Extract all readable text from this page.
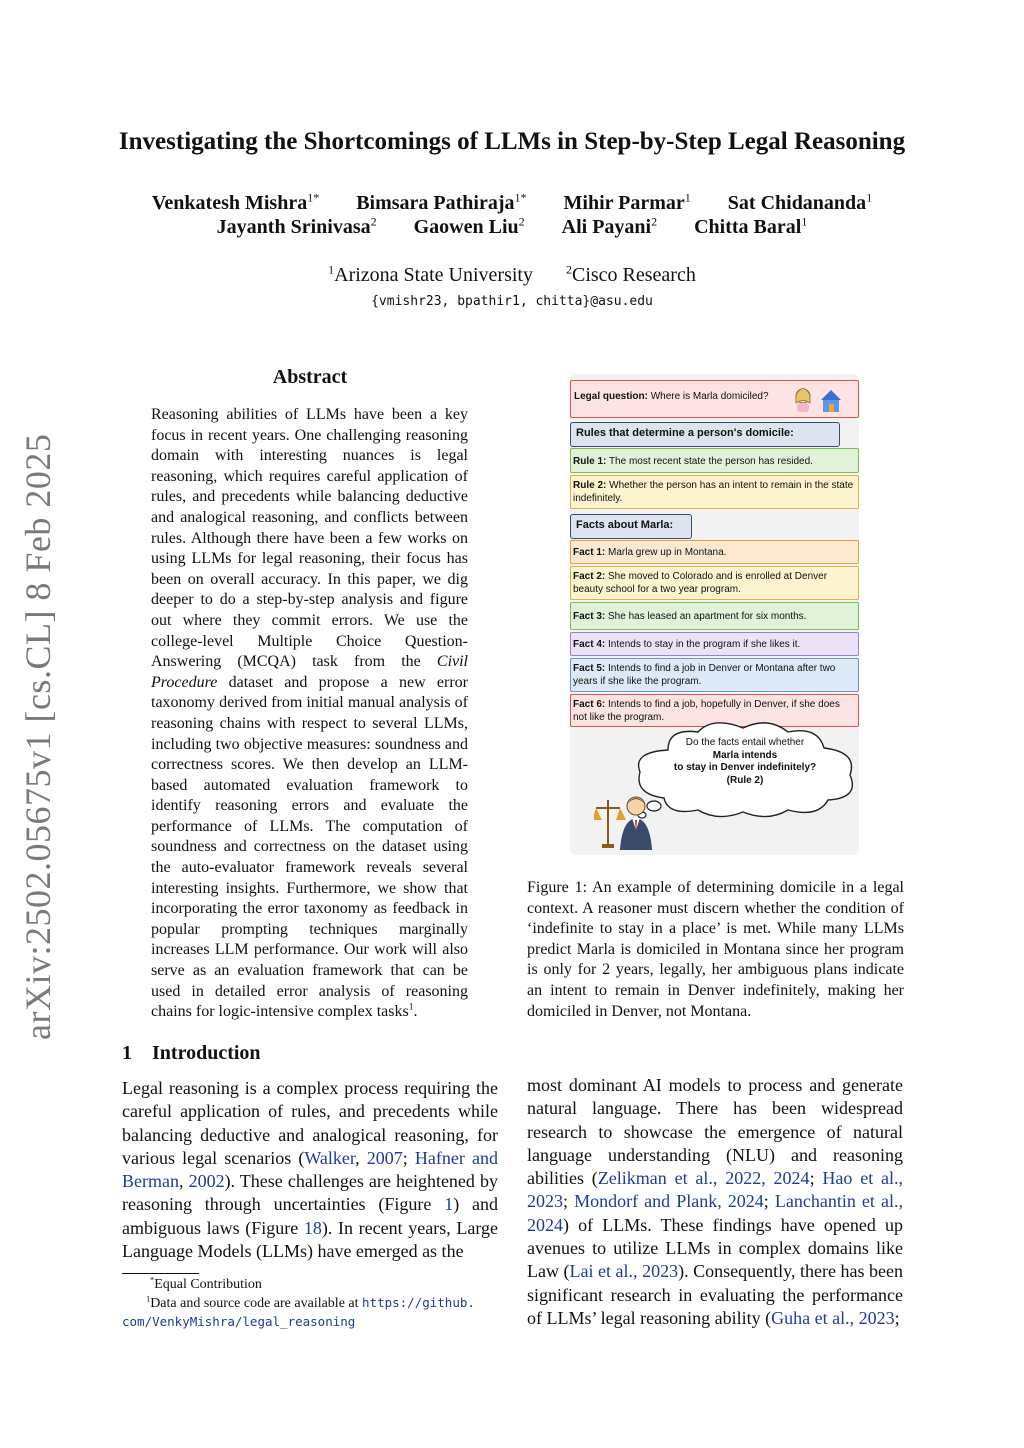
arXiv:2502.05675v1 [cs.CL] 8 Feb 2025
Investigating the Shortcomings of LLMs in Step-by-Step Legal Reasoning
Venkatesh Mishra$^{1*}$ Bimsara Pathiraja$^{1*}$ Mihir Parmar$^1$ Sat Chidananda$^1$
Jayanth Srinivasa$^2$ Gaowen Liu$^2$ Ali Payani$^2$ Chitta Baral$^1$
$^1$Arizona State University	$^2$Cisco Research
{vmishr23, bpathir1, chitta}@asu.edu
Abstract
Reasoning abilities of LLMs have been a key focus in recent years. One challenging reasoning domain with interesting nuances is legal reasoning, which requires careful application of rules, and precedents while balancing deductive and analogical reasoning, and conflicts between rules. Although there have been a few works on using LLMs for legal reasoning, their focus has been on overall accuracy. In this paper, we dig deeper to do a step-by-step analysis and figure out where they commit errors. We use the college-level Multiple Choice Question-Answering (MCQA) task from the Civil Procedure dataset and propose a new error taxonomy derived from initial manual analysis of reasoning chains with respect to several LLMs, including two objective measures: soundness and correctness scores. We then develop an LLM-based automated evaluation framework to identify reasoning errors and evaluate the performance of LLMs. The computation of soundness and correctness on the dataset using the auto-evaluator framework reveals several interesting insights. Furthermore, we show that incorporating the error taxonomy as feedback in popular prompting techniques marginally increases LLM performance. Our work will also serve as an evaluation framework that can be used in detailed error analysis of reasoning chains for logic-intensive complex tasks$^1$.
Legal question: Where is Marla domiciled?
Rules that determine a person's domicile:
Rule 1: The most recent state the person has resided.
Rule 2: Whether the person has an intent to remain in the state indefinitely.
Facts about Marla:
Fact 1: Marla grew up in Montana.
Fact 2: She moved to Colorado and is enrolled at Denver beauty school for a two year program.
Fact 3: She has leased an apartment for six months.
Fact 4: Intends to stay in the program if she likes it.
Fact 5: Intends to find a job in Denver or Montana after two years if she like the program.
Fact 6: Intends to find a job, hopefully in Denver, if she does not like the program.
Do the facts entail whether
Marla intends
to stay in Denver indefinitely?
(Rule 2)
Figure 1: An example of determining domicile in a legal context. A reasoner must discern whether the condition of ‘indefinite to stay in a place’ is met. While many LLMs predict Marla is domiciled in Montana since her program is only for 2 years, legally, her ambiguous plans indicate an intent to remain in Denver indefinitely, making her domiciled in Denver, not Montana.
1 Introduction
Legal reasoning is a complex process requiring the careful application of rules, and precedents while balancing deductive and analogical reasoning, for various legal scenarios (Walker, 2007; Hafner and Berman, 2002). These challenges are heightened by reasoning through uncertainties (Figure 1) and ambiguous laws (Figure 18). In recent years, Large Language Models (LLMs) have emerged as the
most dominant AI models to process and generate natural language. There has been widespread research to showcase the emergence of natural language understanding (NLU) and reasoning abilities (Zelikman et al., 2022, 2024; Hao et al., 2023; Mondorf and Plank, 2024; Lanchantin et al., 2024) of LLMs. These findings have opened up avenues to utilize LLMs in complex domains like Law (Lai et al., 2023). Consequently, there has been significant research in evaluating the performance of LLMs’ legal reasoning ability (Guha et al., 2023;
*Equal Contribution
$^1$Data and source code are available at https://github. com/VenkyMishra/legal_reasoning
